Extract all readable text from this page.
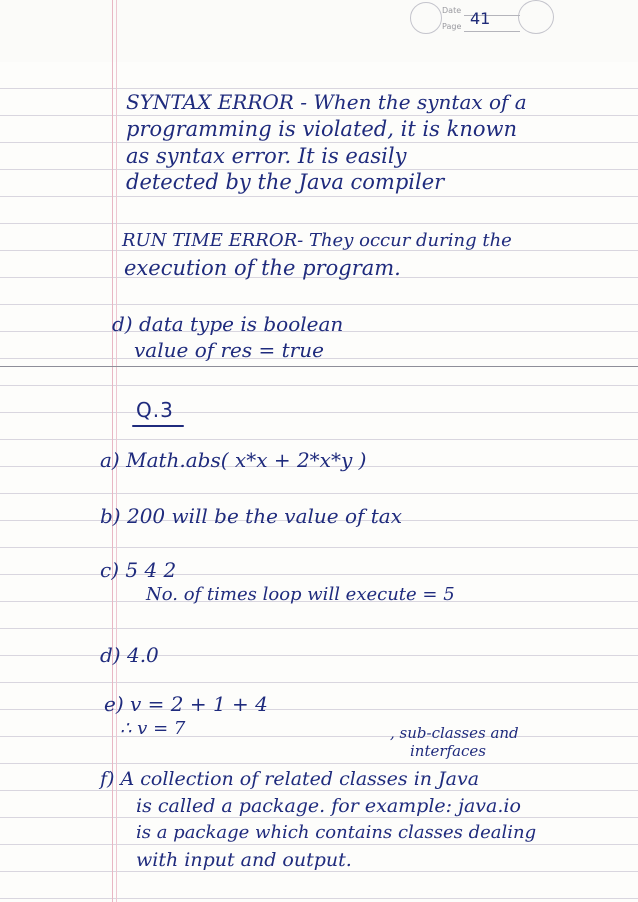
Date
Page 41
SYNTAX ERROR - When the syntax of a
programming is violated, it is known
as syntax error. It is easily
detected by the Java compiler
RUN TIME ERROR- They occur during the
execution of the program.
d) data type is boolean
value of res = true
Q.3
a) Math.abs( x*x + 2*x*y )
b) 200 will be the value of tax
c) 5 4 2
No. of times loop will execute = 5
d) 4.0
e) v = 2 + 1 + 4
∴ v = 7	, sub-classes and
interfaces
f) A collection of related classes in Java
is called a package. for example: java.io
is a package which contains classes dealing
with input and output.
